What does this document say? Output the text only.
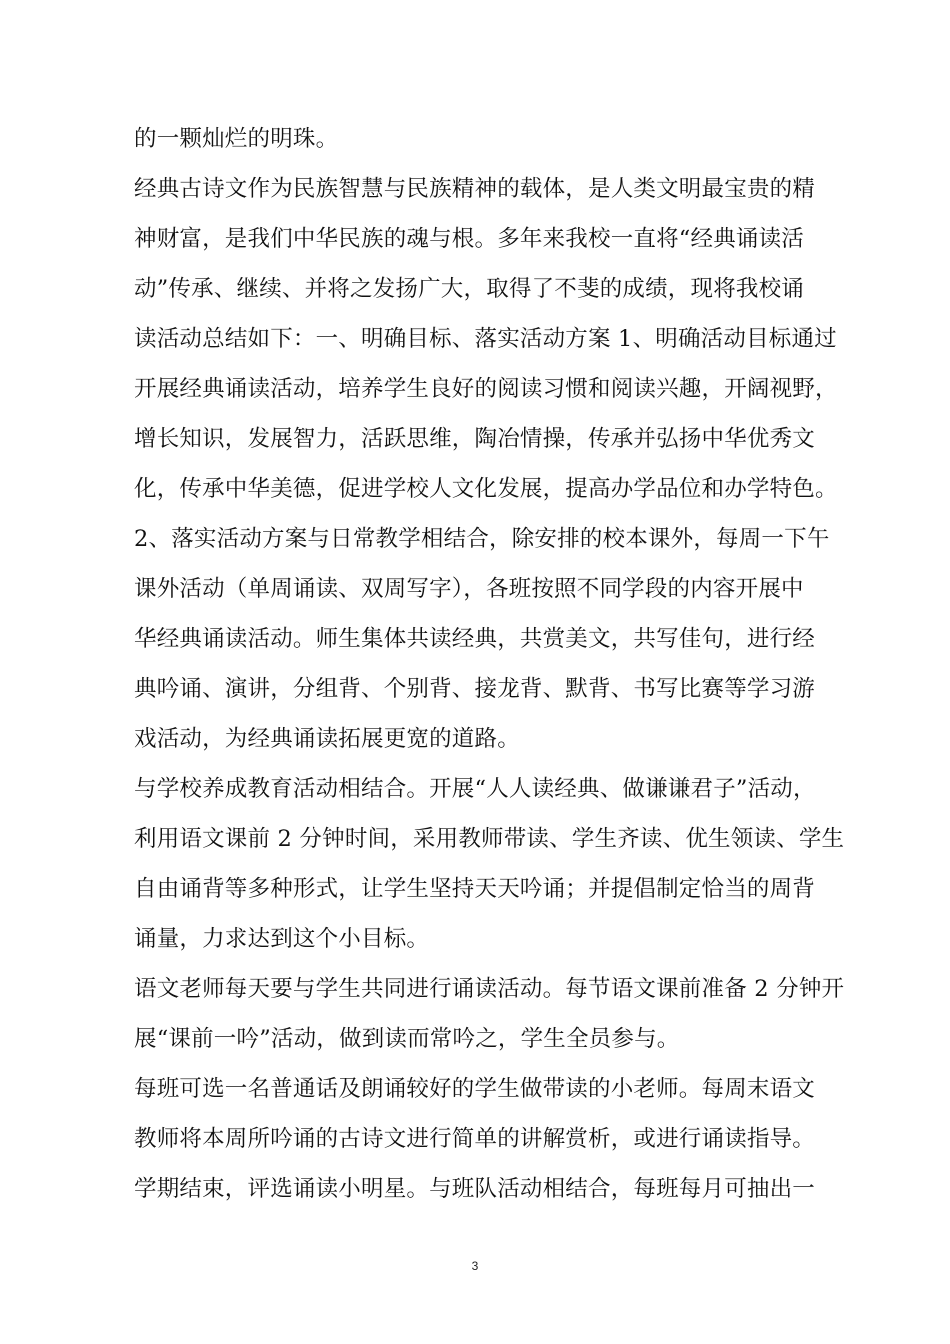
的一颗灿烂的明珠。
经典古诗文作为民族智慧与民族精神的载体，是人类文明最宝贵的精
神财富，是我们中华民族的魂与根。多年来我校一直将“经典诵读活
动”传承、继续、并将之发扬广大，取得了不斐的成绩，现将我校诵
读活动总结如下：一、明确目标、落实活动方案 1、明确活动目标通过
开展经典诵读活动，培养学生良好的阅读习惯和阅读兴趣，开阔视野，
增长知识，发展智力，活跃思维，陶冶情操，传承并弘扬中华优秀文
化，传承中华美德，促进学校人文化发展，提高办学品位和办学特色。
2、落实活动方案与日常教学相结合，除安排的校本课外，每周一下午
课外活动（单周诵读、双周写字），各班按照不同学段的内容开展中
华经典诵读活动。师生集体共读经典，共赏美文，共写佳句，进行经
典吟诵、演讲，分组背、个别背、接龙背、默背、书写比赛等学习游
戏活动，为经典诵读拓展更宽的道路。
与学校养成教育活动相结合。开展“人人读经典、做谦谦君子”活动，
利用语文课前 2 分钟时间，采用教师带读、学生齐读、优生领读、学生
自由诵背等多种形式，让学生坚持天天吟诵；并提倡制定恰当的周背
诵量，力求达到这个小目标。
语文老师每天要与学生共同进行诵读活动。每节语文课前准备 2 分钟开
展“课前一吟”活动，做到读而常吟之，学生全员参与。
每班可选一名普通话及朗诵较好的学生做带读的小老师。每周末语文
教师将本周所吟诵的古诗文进行简单的讲解赏析，或进行诵读指导。
学期结束，评选诵读小明星。与班队活动相结合，每班每月可抽出一
3
